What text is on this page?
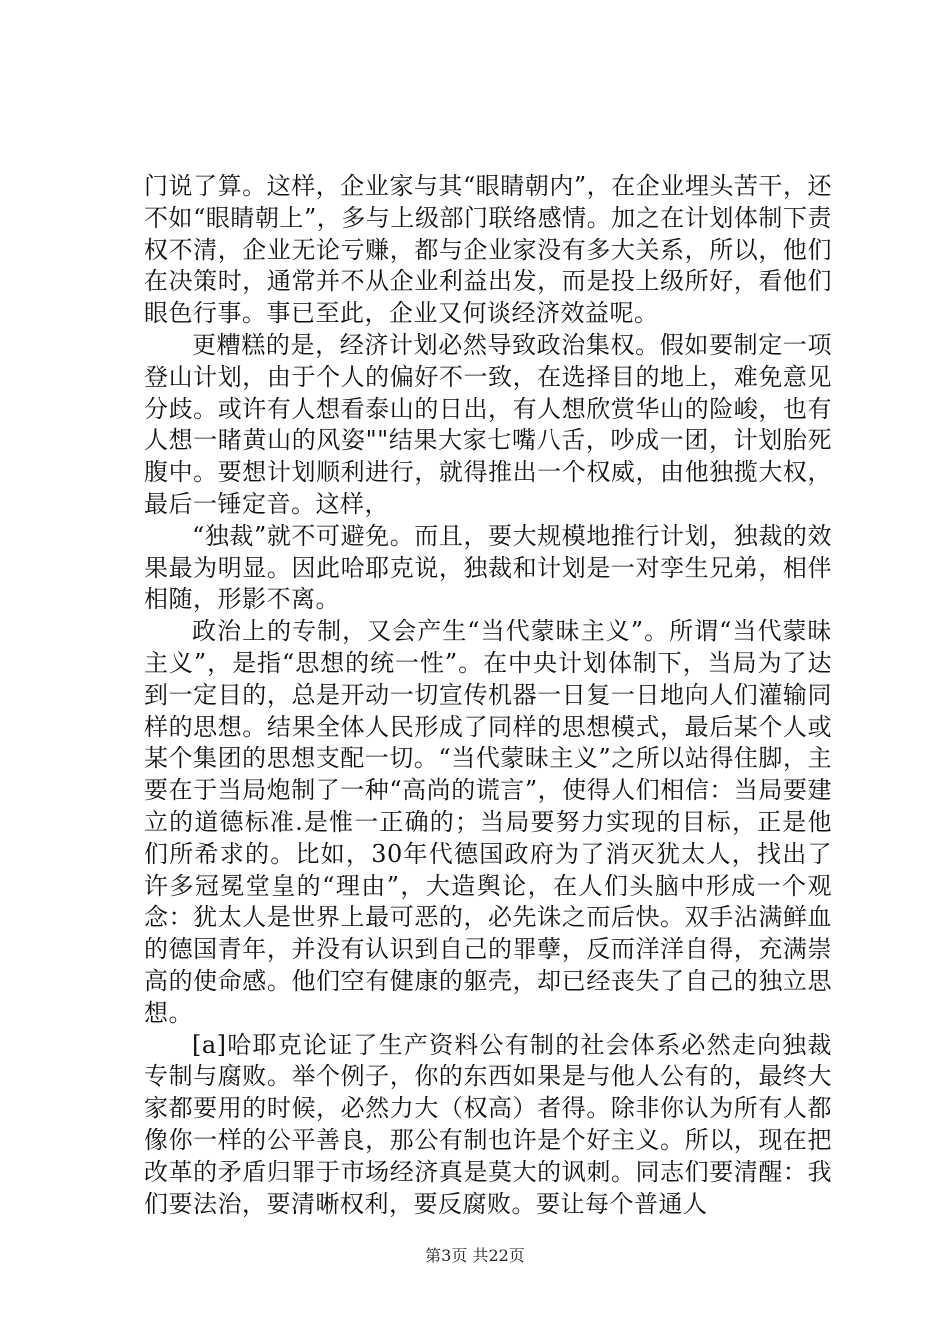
门说了算。这样，企业家与其“眼睛朝内”，在企业埋头苦干，还不如“眼睛朝上”，多与上级部门联络感情。加之在计划体制下责权不清，企业无论亏赚，都与企业家没有多大关系，所以，他们在决策时，通常并不从企业利益出发，而是投上级所好，看他们眼色行事。事已至此，企业又何谈经济效益呢。

更糟糕的是，经济计划必然导致政治集权。假如要制定一项登山计划，由于个人的偏好不一致，在选择目的地上，难免意见分歧。或许有人想看泰山的日出，有人想欣赏华山的险峻，也有人想一睹黄山的风姿""结果大家七嘴八舌，吵成一团，计划胎死腹中。要想计划顺利进行，就得推出一个权威，由他独揽大权，最后一锤定音。这样，

“独裁”就不可避免。而且，要大规模地推行计划，独裁的效果最为明显。因此哈耶克说，独裁和计划是一对孪生兄弟，相伴相随，形影不离。

政治上的专制，又会产生“当代蒙昧主义”。所谓“当代蒙昧主义”，是指“思想的统一性”。在中央计划体制下，当局为了达到一定目的，总是开动一切宣传机器一日复一日地向人们灌输同样的思想。结果全体人民形成了同样的思想模式，最后某个人或某个集团的思想支配一切。“当代蒙昧主义”之所以站得住脚，主要在于当局炮制了一种“高尚的谎言”，使得人们相信：当局要建立的道德标准.是惟一正确的；当局要努力实现的目标，正是他们所希求的。比如，30年代德国政府为了消灭犹太人，找出了许多冠冕堂皇的“理由”，大造舆论，在人们头脑中形成一个观念：犹太人是世界上最可恶的，必先诛之而后快。双手沾满鲜血的德国青年，并没有认识到自己的罪孽，反而洋洋自得，充满崇高的使命感。他们空有健康的躯壳，却已经丧失了自己的独立思想。

[a]哈耶克论证了生产资料公有制的社会体系必然走向独裁专制与腐败。举个例子，你的东西如果是与他人公有的，最终大家都要用的时候，必然力大（权高）者得。除非你认为所有人都像你一样的公平善良，那公有制也许是个好主义。所以，现在把改革的矛盾归罪于市场经济真是莫大的讽刺。同志们要清醒：我们要法治，要清晰权利，要反腐败。要让每个普通人

第3页 共22页
